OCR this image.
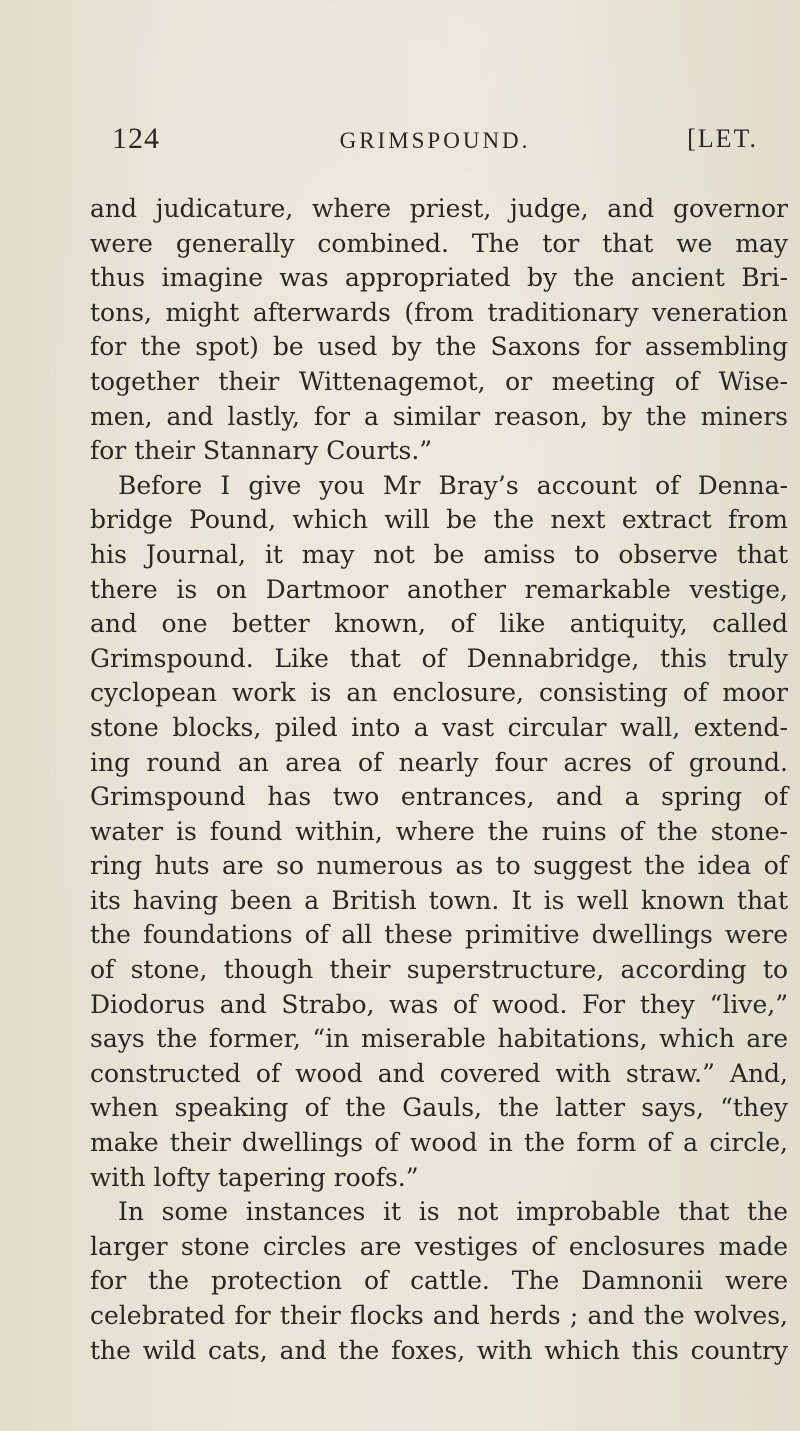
124	GRIMSPOUND.	[LET.
and judicature, where priest, judge, and governor
were generally combined. The tor that we may
thus imagine was appropriated by the ancient Bri-
tons, might afterwards (from traditionary veneration
for the spot) be used by the Saxons for assembling
together their Wittenagemot, or meeting of Wise-
men, and lastly, for a similar reason, by the miners
for their Stannary Courts.”
Before I give you Mr Bray’s account of Denna-
bridge Pound, which will be the next extract from
his Journal, it may not be amiss to observe that
there is on Dartmoor another remarkable vestige,
and one better known, of like antiquity, called
Grimspound. Like that of Dennabridge, this truly
cyclopean work is an enclosure, consisting of moor
stone blocks, piled into a vast circular wall, extend-
ing round an area of nearly four acres of ground.
Grimspound has two entrances, and a spring of
water is found within, where the ruins of the stone-
ring huts are so numerous as to suggest the idea of
its having been a British town. It is well known that
the foundations of all these primitive dwellings were
of stone, though their superstructure, according to
Diodorus and Strabo, was of wood. For they “live,”
says the former, “in miserable habitations, which are
constructed of wood and covered with straw.” And,
when speaking of the Gauls, the latter says, “they
make their dwellings of wood in the form of a circle,
with lofty tapering roofs.”
In some instances it is not improbable that the
larger stone circles are vestiges of enclosures made
for the protection of cattle. The Damnonii were
celebrated for their flocks and herds ; and the wolves,
the wild cats, and the foxes, with which this country
